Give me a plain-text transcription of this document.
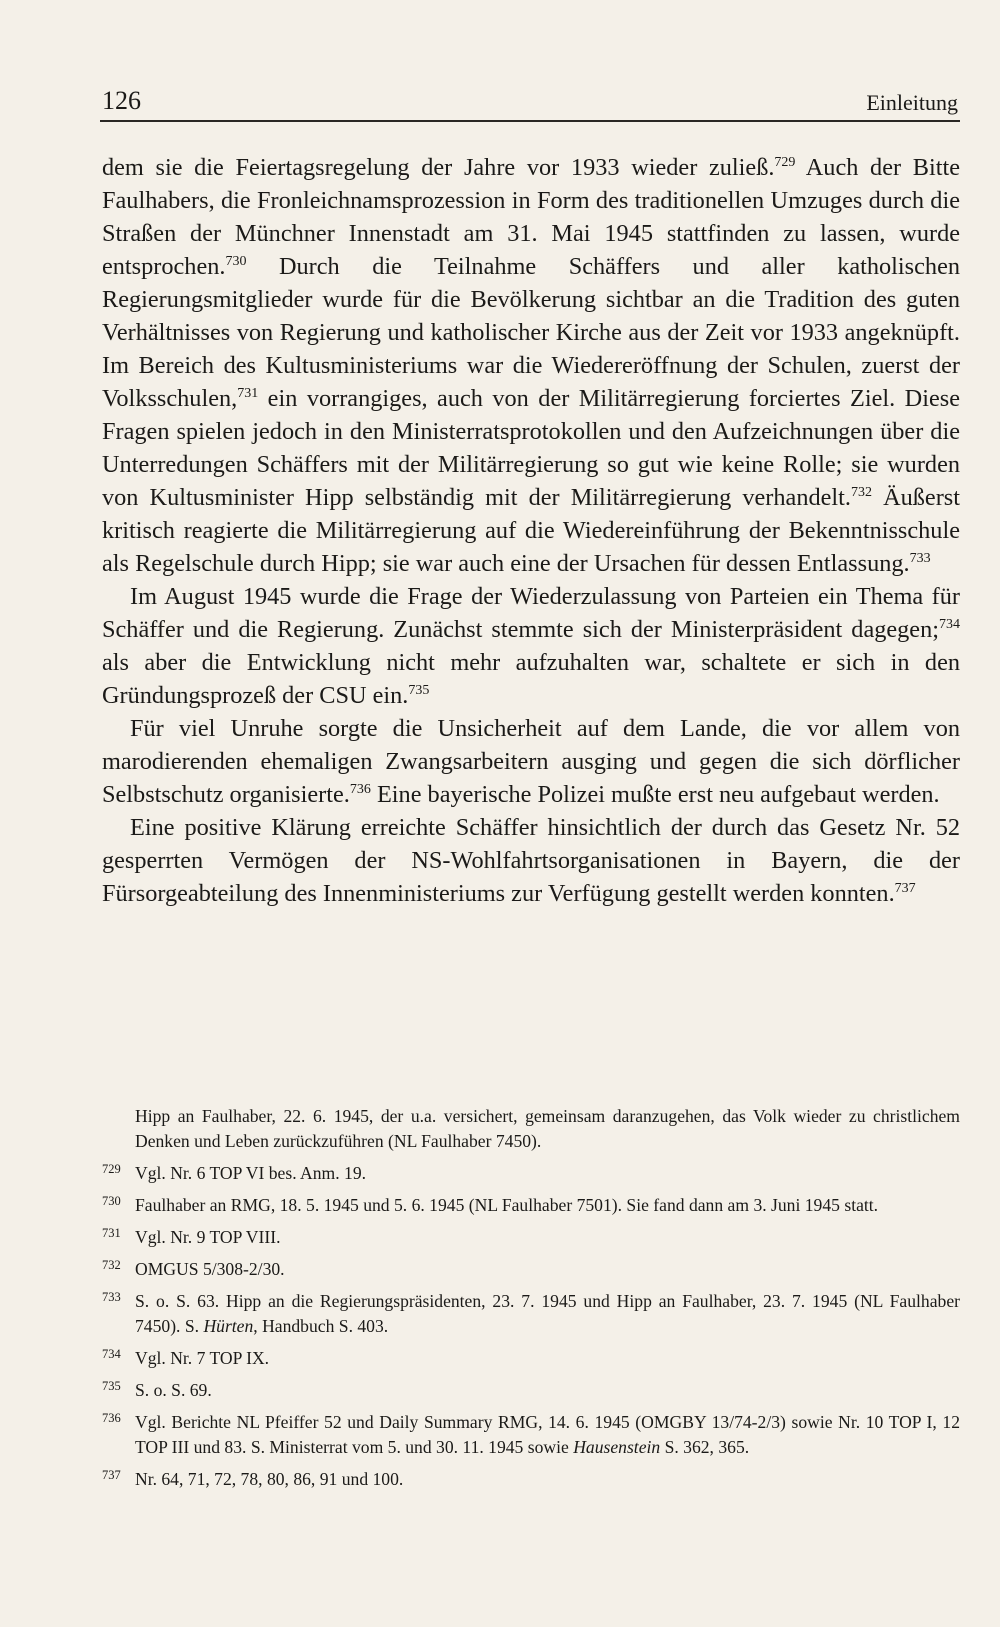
126	Einleitung

dem sie die Feiertagsregelung der Jahre vor 1933 wieder zuließ.$^{729}$ Auch der Bitte Faulhabers, die Fronleichnamsprozession in Form des traditionellen Umzuges durch die Straßen der Münchner Innenstadt am 31. Mai 1945 stattfinden zu lassen, wurde entsprochen.$^{730}$ Durch die Teilnahme Schäffers und aller katholischen Regierungsmitglieder wurde für die Bevölkerung sichtbar an die Tradition des guten Verhältnisses von Regierung und katholischer Kirche aus der Zeit vor 1933 angeknüpft. Im Bereich des Kultusministeriums war die Wiedereröffnung der Schulen, zuerst der Volksschulen,$^{731}$ ein vorrangiges, auch von der Militärregierung forciertes Ziel. Diese Fragen spielen jedoch in den Ministerratsprotokollen und den Aufzeichnungen über die Unterredungen Schäffers mit der Militärregierung so gut wie keine Rolle; sie wurden von Kultusminister Hipp selbständig mit der Militärregierung verhandelt.$^{732}$ Äußerst kritisch reagierte die Militärregierung auf die Wiedereinführung der Bekenntnisschule als Regelschule durch Hipp; sie war auch eine der Ursachen für dessen Entlassung.$^{733}$

Im August 1945 wurde die Frage der Wiederzulassung von Parteien ein Thema für Schäffer und die Regierung. Zunächst stemmte sich der Ministerpräsident dagegen;$^{734}$ als aber die Entwicklung nicht mehr aufzuhalten war, schaltete er sich in den Gründungsprozeß der CSU ein.$^{735}$

Für viel Unruhe sorgte die Unsicherheit auf dem Lande, die vor allem von marodierenden ehemaligen Zwangsarbeitern ausging und gegen die sich dörflicher Selbstschutz organisierte.$^{736}$ Eine bayerische Polizei mußte erst neu aufgebaut werden.

Eine positive Klärung erreichte Schäffer hinsichtlich der durch das Gesetz Nr. 52 gesperrten Vermögen der NS-Wohlfahrtsorganisationen in Bayern, die der Fürsorgeabteilung des Innenministeriums zur Verfügung gestellt werden konnten.$^{737}$

Hipp an Faulhaber, 22. 6. 1945, der u.a. versichert, gemeinsam daranzugehen, das Volk wieder zu christlichem Denken und Leben zurückzuführen (NL Faulhaber 7450).

729 Vgl. Nr. 6 TOP VI bes. Anm. 19.

730 Faulhaber an RMG, 18. 5. 1945 und 5. 6. 1945 (NL Faulhaber 7501). Sie fand dann am 3. Juni 1945 statt.

731 Vgl. Nr. 9 TOP VIII.

732 OMGUS 5/308-2/30.

733 S. o. S. 63. Hipp an die Regierungspräsidenten, 23. 7. 1945 und Hipp an Faulhaber, 23. 7. 1945 (NL Faulhaber 7450). S. Hürten, Handbuch S. 403.

734 Vgl. Nr. 7 TOP IX.

735 S. o. S. 69.

736 Vgl. Berichte NL Pfeiffer 52 und Daily Summary RMG, 14. 6. 1945 (OMGBY 13/74-2/3) sowie Nr. 10 TOP I, 12 TOP III und 83. S. Ministerrat vom 5. und 30. 11. 1945 sowie Hausenstein S. 362, 365.

737 Nr. 64, 71, 72, 78, 80, 86, 91 und 100.
